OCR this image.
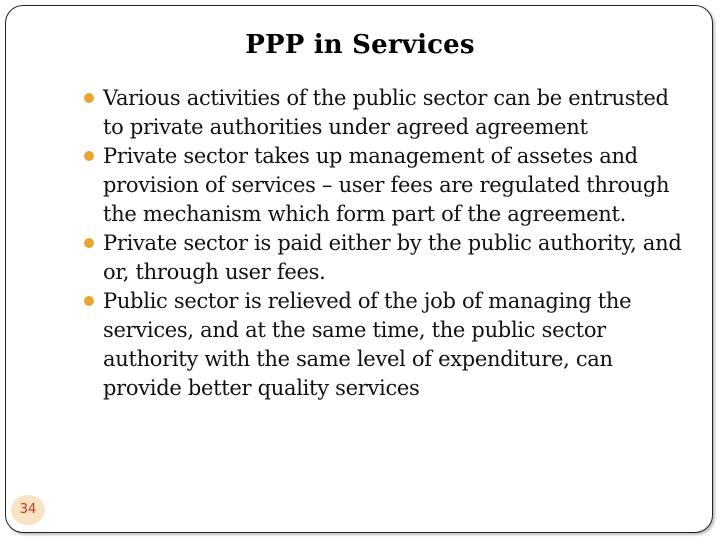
PPP in Services
Various activities of the public sector can be entrusted to private authorities under agreed agreement
Private sector takes up management of assetes and provision of services – user fees are regulated through the mechanism which form part of the agreement.
Private sector is paid either by the public authority, and or, through user fees.
Public sector is relieved of the job of managing the services, and at the same time, the public sector authority with the same level of expenditure, can provide better quality services
34
